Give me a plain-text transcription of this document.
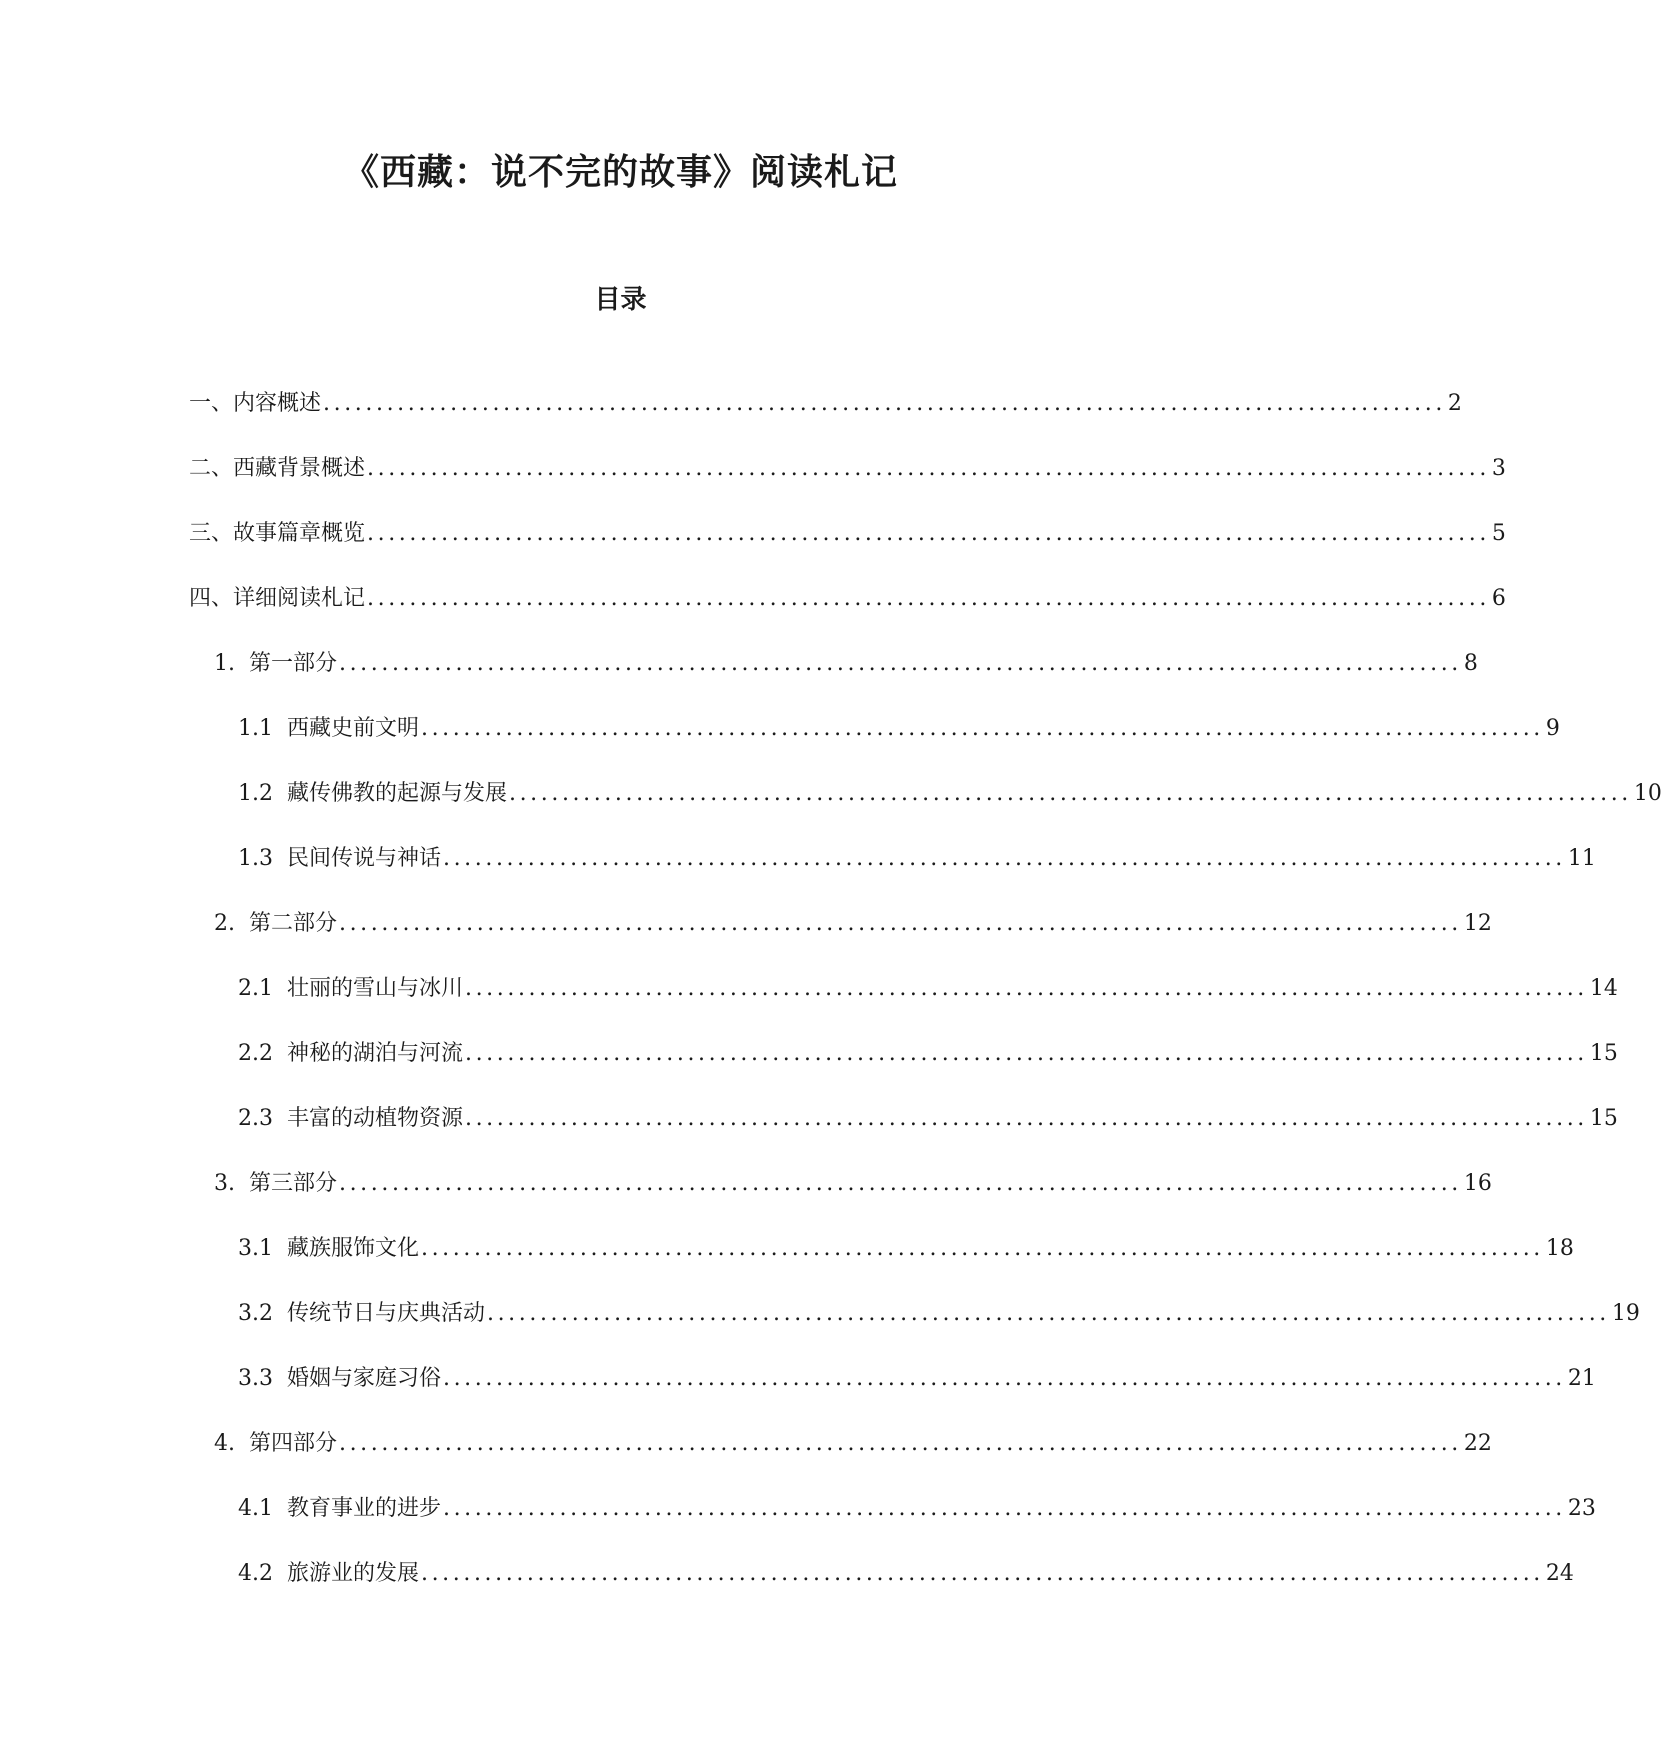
《西藏：说不完的故事》阅读札记
目录
一、 内容概述 .......................................................................................................... 2
二、 西藏背景概述 .......................................................................................................... 3
三、 故事篇章概览 .......................................................................................................... 5
四、 详细阅读札记 .......................................................................................................... 6
1. 第一部分 .......................................................................................................... 8
1.1 西藏史前文明 .......................................................................................................... 9
1.2 藏传佛教的起源与发展 .......................................................................................................... 10
1.3 民间传说与神话 .......................................................................................................... 11
2. 第二部分 .......................................................................................................... 12
2.1 壮丽的雪山与冰川 .......................................................................................................... 14
2.2 神秘的湖泊与河流 .......................................................................................................... 15
2.3 丰富的动植物资源 .......................................................................................................... 15
3. 第三部分 .......................................................................................................... 16
3.1 藏族服饰文化 .......................................................................................................... 18
3.2 传统节日与庆典活动 .......................................................................................................... 19
3.3 婚姻与家庭习俗 .......................................................................................................... 21
4. 第四部分 .......................................................................................................... 22
4.1 教育事业的进步 .......................................................................................................... 23
4.2 旅游业的发展 .......................................................................................................... 24
